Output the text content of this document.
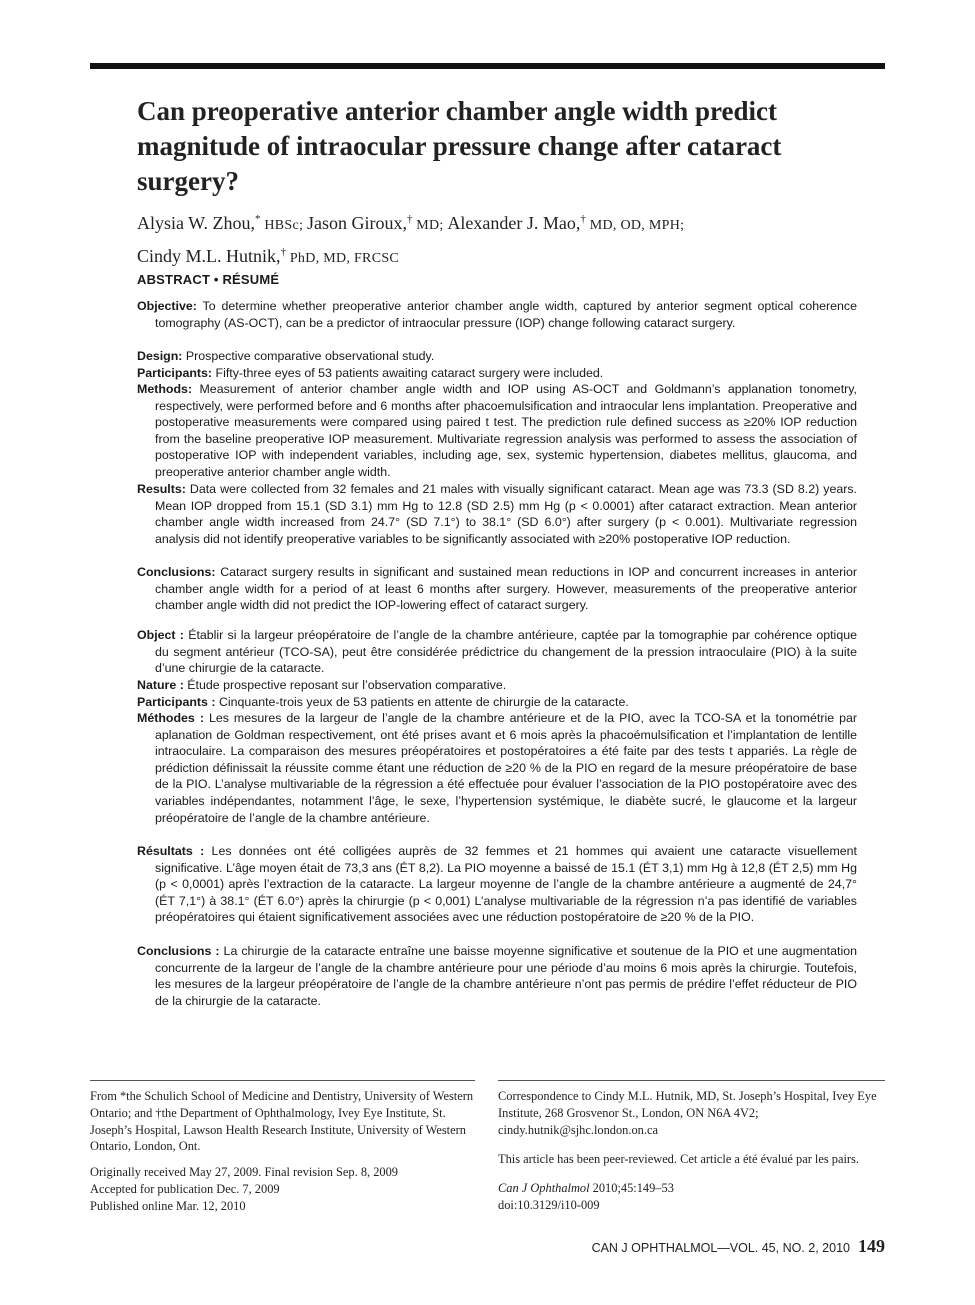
Can preoperative anterior chamber angle width predict magnitude of intraocular pressure change after cataract surgery?
Alysia W. Zhou,* HBSc; Jason Giroux,† MD; Alexander J. Mao,† MD, OD, MPH;
Cindy M.L. Hutnik,† PhD, MD, FRCSC
ABSTRACT • RÉSUMÉ

Objective: To determine whether preoperative anterior chamber angle width, captured by anterior segment optical coherence tomography (AS-OCT), can be a predictor of intraocular pressure (IOP) change following cataract surgery.

Design: Prospective comparative observational study.

Participants: Fifty-three eyes of 53 patients awaiting cataract surgery were included.

Methods: Measurement of anterior chamber angle width and IOP using AS-OCT and Goldmann’s applanation tonometry, respectively, were performed before and 6 months after phacoemulsification and intraocular lens implantation. Preoperative and postoperative measurements were compared using paired t test. The prediction rule defined success as ≥20% IOP reduction from the baseline preoperative IOP measurement. Multivariate regression analysis was performed to assess the association of postoperative IOP with independent variables, including age, sex, systemic hypertension, diabetes mellitus, glaucoma, and preoperative anterior chamber angle width.

Results: Data were collected from 32 females and 21 males with visually significant cataract. Mean age was 73.3 (SD 8.2) years. Mean IOP dropped from 15.1 (SD 3.1) mm Hg to 12.8 (SD 2.5) mm Hg (p < 0.0001) after cataract extraction. Mean anterior chamber angle width increased from 24.7° (SD 7.1°) to 38.1° (SD 6.0°) after surgery (p < 0.001). Multivariate regression analysis did not identify preoperative variables to be significantly associated with ≥20% postoperative IOP reduction.

Conclusions: Cataract surgery results in significant and sustained mean reductions in IOP and concurrent increases in anterior chamber angle width for a period of at least 6 months after surgery. However, measurements of the preoperative anterior chamber angle width did not predict the IOP-lowering effect of cataract surgery.

Object : Établir si la largeur préopératoire de l’angle de la chambre antérieure, captée par la tomographie par cohérence optique du segment antérieur (TCO-SA), peut être considérée prédictrice du changement de la pression intraoculaire (PIO) à la suite d’une chirurgie de la cataracte.

Nature : Étude prospective reposant sur l’observation comparative.

Participants : Cinquante-trois yeux de 53 patients en attente de chirurgie de la cataracte.

Méthodes : Les mesures de la largeur de l’angle de la chambre antérieure et de la PIO, avec la TCO-SA et la tonométrie par aplanation de Goldman respectivement, ont été prises avant et 6 mois après la phacoémulsification et l’implantation de lentille intraoculaire. La comparaison des mesures préopératoires et postopératoires a été faite par des tests t appariés. La règle de prédiction définissait la réussite comme étant une réduction de ≥20 % de la PIO en regard de la mesure préopératoire de base de la PIO. L’analyse multivariable de la régression a été effectuée pour évaluer l’association de la PIO postopératoire avec des variables indépendantes, notamment l’âge, le sexe, l’hypertension systémique, le diabète sucré, le glaucome et la largeur préopératoire de l’angle de la chambre antérieure.

Résultats : Les données ont été colligées auprès de 32 femmes et 21 hommes qui avaient une cataracte visuellement significative. L’âge moyen était de 73,3 ans (ÉT 8,2). La PIO moyenne a baissé de 15.1 (ÉT 3,1) mm Hg à 12,8 (ÉT 2,5) mm Hg (p < 0,0001) après l’extraction de la cataracte. La largeur moyenne de l’angle de la chambre antérieure a augmenté de 24,7° (ÉT 7,1°) à 38.1° (ÉT 6.0°) après la chirurgie (p < 0,001) L’analyse multivariable de la régression n’a pas identifié de variables préopératoires qui étaient significativement associées avec une réduction postopératoire de ≥20 % de la PIO.

Conclusions : La chirurgie de la cataracte entraîne une baisse moyenne significative et soutenue de la PIO et une augmentation concurrente de la largeur de l’angle de la chambre antérieure pour une période d’au moins 6 mois après la chirurgie. Toutefois, les mesures de la largeur préopératoire de l’angle de la chambre antérieure n’ont pas permis de prédire l’effet réducteur de PIO de la chirurgie de la cataracte.

From *the Schulich School of Medicine and Dentistry, University of Western Ontario; and †the Department of Ophthalmology, Ivey Eye Institute, St. Joseph’s Hospital, Lawson Health Research Institute, University of Western Ontario, London, Ont.

Originally received May 27, 2009. Final revision Sep. 8, 2009
Accepted for publication Dec. 7, 2009
Published online Mar. 12, 2010

Correspondence to Cindy M.L. Hutnik, MD, St. Joseph’s Hospital, Ivey Eye Institute, 268 Grosvenor St., London, ON N6A 4V2; cindy.hutnik@sjhc.london.on.ca

This article has been peer-reviewed. Cet article a été évalué par les pairs.

Can J Ophthalmol 2010;45:149–53
doi:10.3129/i10-009
CAN J OPHTHALMOL—VOL. 45, NO. 2, 2010 149
